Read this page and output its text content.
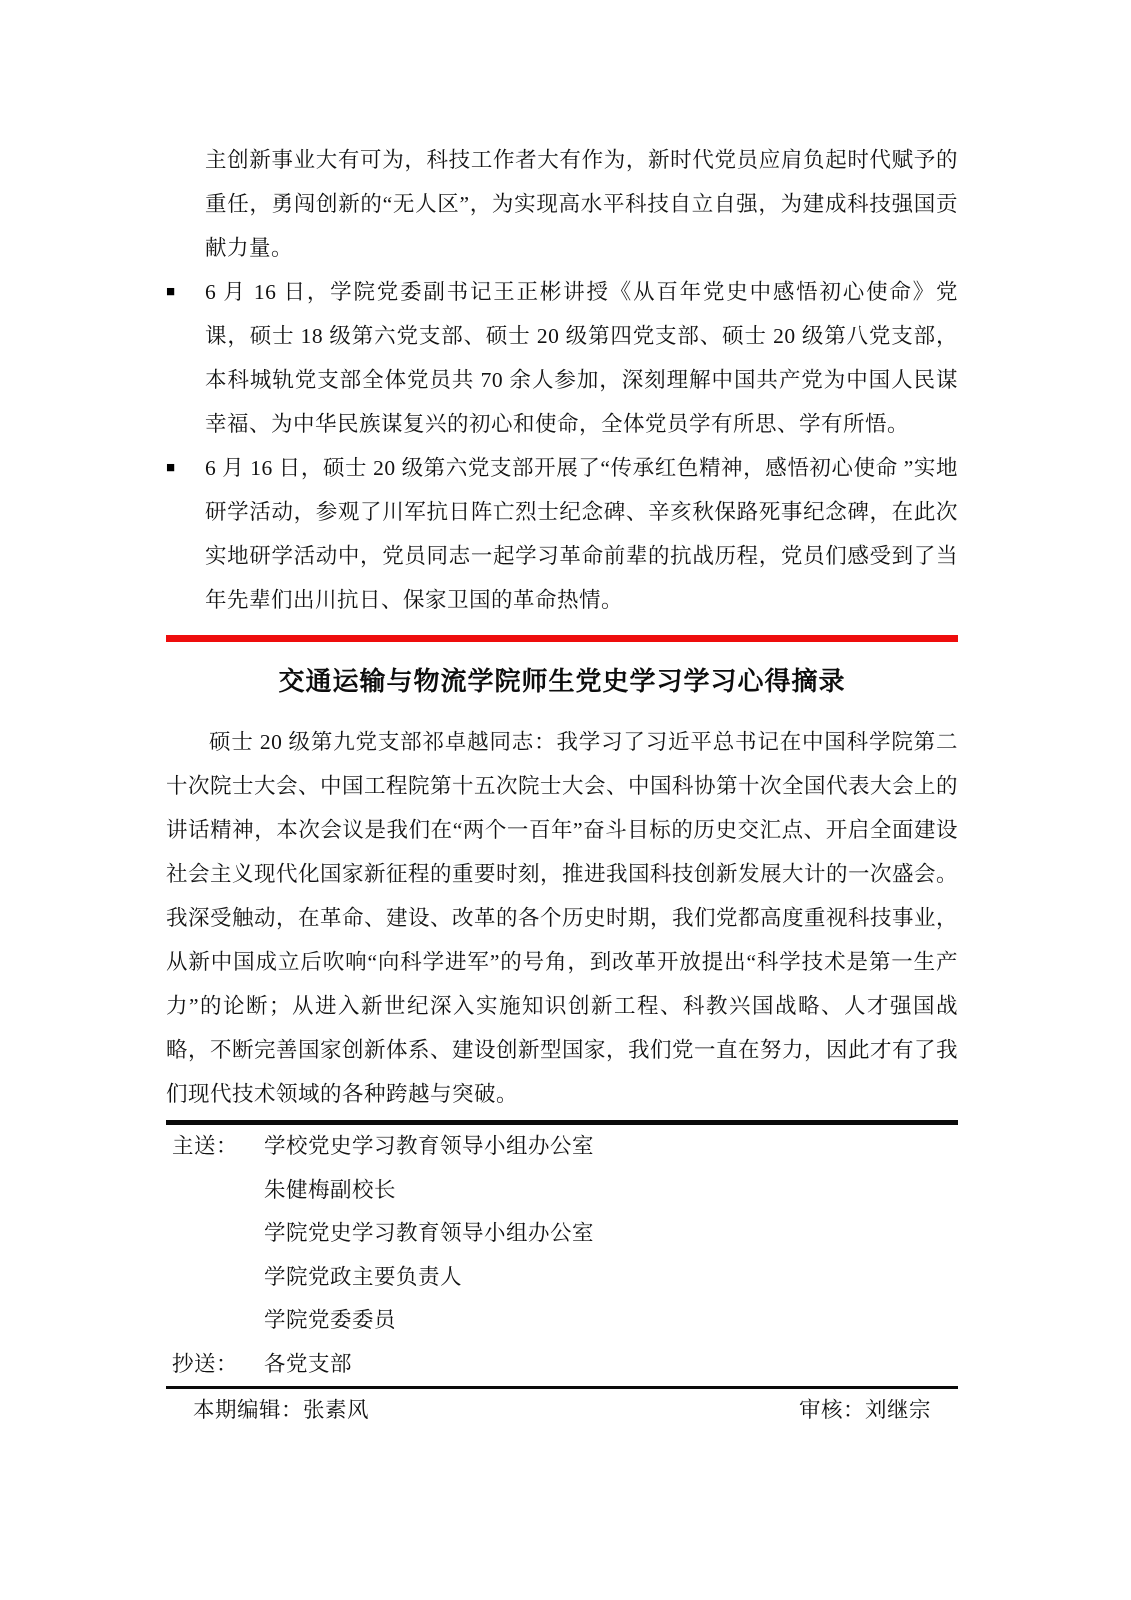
主创新事业大有可为，科技工作者大有作为，新时代党员应肩负起时代赋予的重任，勇闯创新的“无人区”，为实现高水平科技自立自强，为建成科技强国贡献力量。

■	6 月 16 日，学院党委副书记王正彬讲授《从百年党史中感悟初心使命》党课，硕士 18 级第六党支部、硕士 20 级第四党支部、硕士 20 级第八党支部，本科城轨党支部全体党员共 70 余人参加，深刻理解中国共产党为中国人民谋幸福、为中华民族谋复兴的初心和使命，全体党员学有所思、学有所悟。

■	6 月 16 日，硕士 20 级第六党支部开展了“传承红色精神，感悟初心使命 ”实地研学活动，参观了川军抗日阵亡烈士纪念碑、辛亥秋保路死事纪念碑，在此次实地研学活动中，党员同志一起学习革命前辈的抗战历程，党员们感受到了当年先辈们出川抗日、保家卫国的革命热情。

交通运输与物流学院师生党史学习学习心得摘录

硕士 20 级第九党支部祁卓越同志：我学习了习近平总书记在中国科学院第二十次院士大会、中国工程院第十五次院士大会、中国科协第十次全国代表大会上的讲话精神，本次会议是我们在“两个一百年”奋斗目标的历史交汇点、开启全面建设社会主义现代化国家新征程的重要时刻，推进我国科技创新发展大计的一次盛会。我深受触动，在革命、建设、改革的各个历史时期，我们党都高度重视科技事业，从新中国成立后吹响“向科学进军”的号角，到改革开放提出“科学技术是第一生产力”的论断；从进入新世纪深入实施知识创新工程、科教兴国战略、人才强国战略，不断完善国家创新体系、建设创新型国家，我们党一直在努力，因此才有了我们现代技术领域的各种跨越与突破。

主送：	学校党史学习教育领导小组办公室
朱健梅副校长
学院党史学习教育领导小组办公室
学院党政主要负责人
学院党委委员
抄送：	各党支部
本期编辑：张素风	审核：刘继宗
